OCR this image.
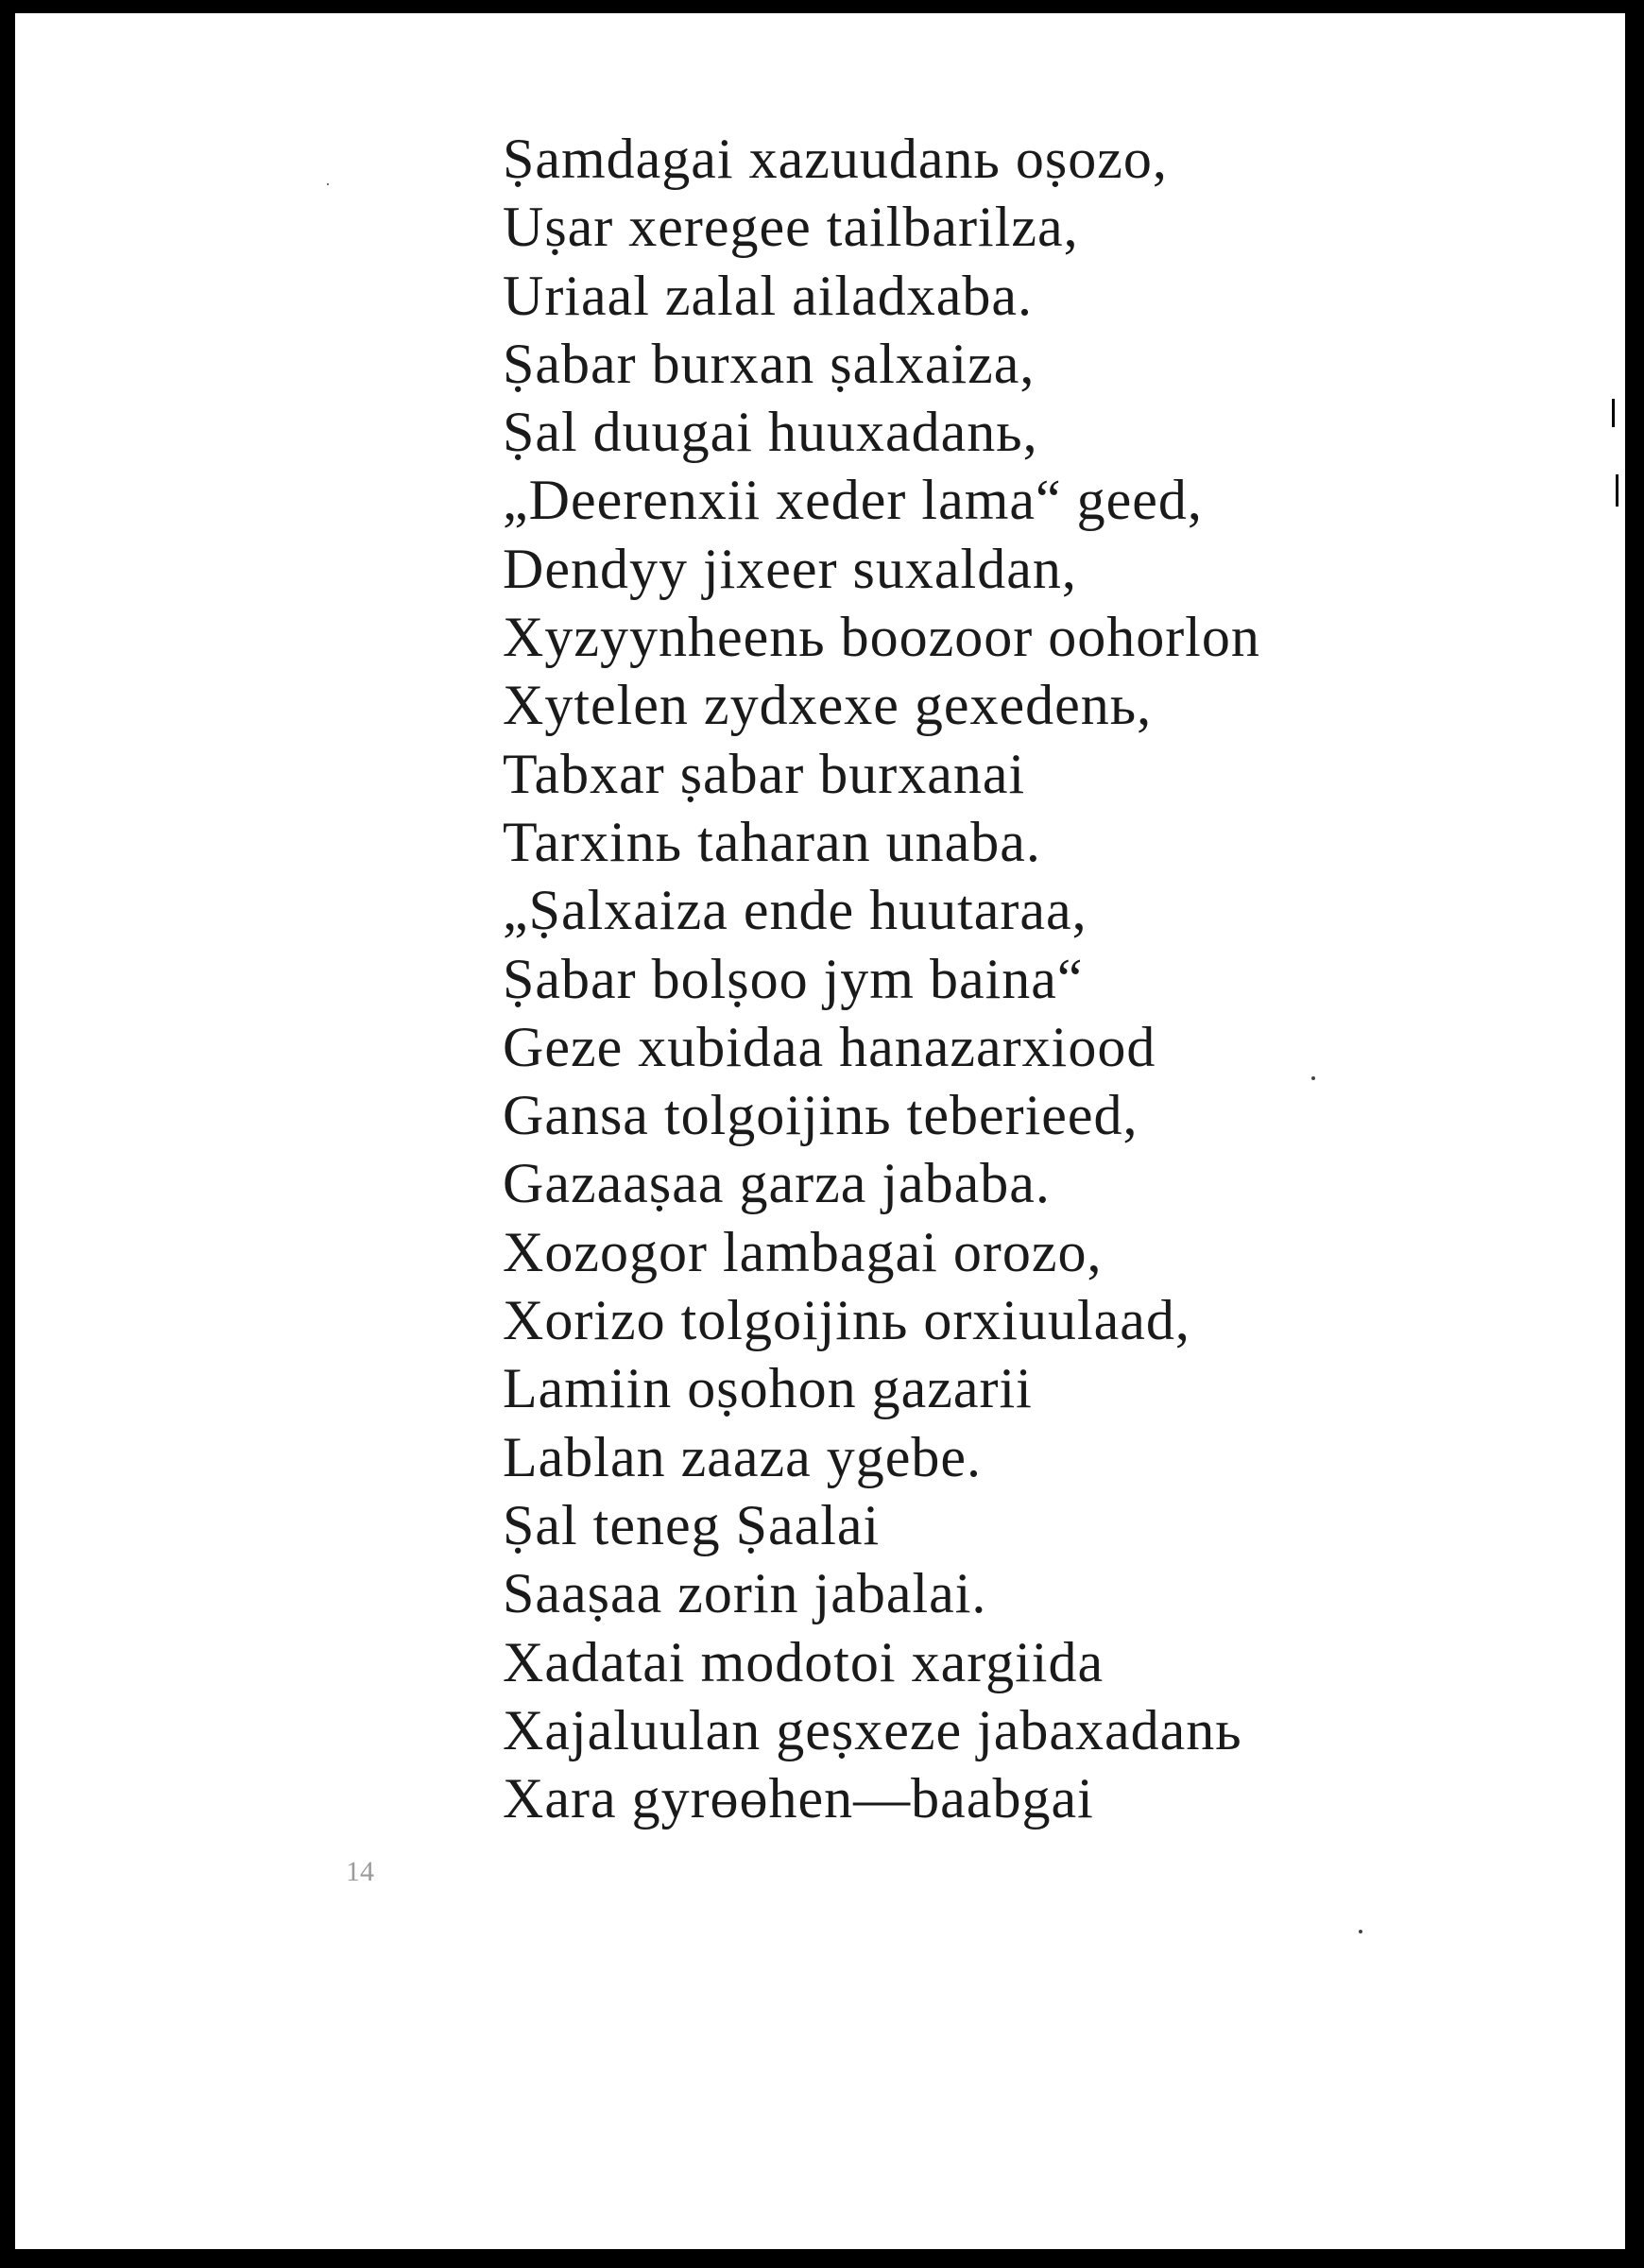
Ṣamdagai xazuudanь oṣozo,
Uṣar xeregee tailbarilza,
Uriaal zalal ailadxaba.
Ṣabar burxan ṣalxaiza,
Ṣal duugai huuxadanь,
„Deerenxii xeder lama“ geed,
Dendyy jixeer suxaldan,
Xyzyynheenь boozoor oohorlon
Xytelen zydxexe gexedenь,
Tabxar ṣabar burxanai
Tarxinь taharan unaba.
„Ṣalxaiza ende huutaraa,
Ṣabar bolṣoo jym baina“
Geze xubidaa hanazarxiood
Gansa tolgoijinь teberieed,
Gazaaṣaa garza jababa.
Xozogor lambagai orozo,
Xorizo tolgoijinь orxiuulaad,
Lamiin oṣohon gazarii
Lablan zaaza ygebe.
Ṣal teneg Ṣaalai
Saaṣaa zorin jabalai.
Xadatai modotoi xargiida
Xajaluulan geṣxeze jabaxadanь
Xara gyrөөhen—baabgai
14
